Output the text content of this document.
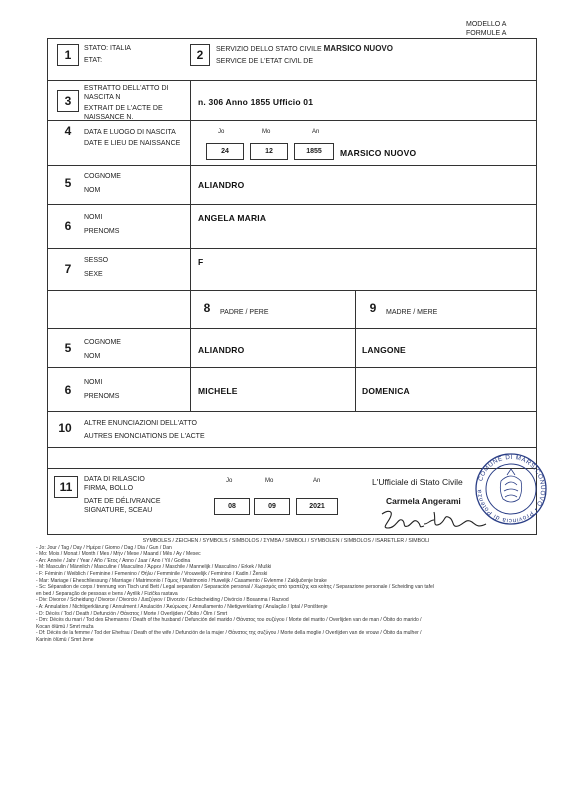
MODELLO A
FORMULE A
1	STATO: ITALIA
ETAT:	2	SERVIZIO DELLO STATO CIVILE MARSICO NUOVO
SERVICE DE L'ETAT CIVIL DE
3
ESTRATTO DELL'ATTO DI NASCITA N
EXTRAIT DE L'ACTE DE NAISSANCE N.
n. 306 Anno 1855 Ufficio 01
4	DATA E LUOGO DI NASCITA
DATE E LIEU DE NAISSANCE
Jo	Mo	An
24	12	1855	MARSICO NUOVO
5	COGNOME
NOM
ALIANDRO
6
NOMI
PRENOMS
ANGELA MARIA
7
SESSO
SEXE
F
8	PADRE / PERE	9	MADRE / MERE
5	COGNOME
NOM
ALIANDRO	LANGONE
6
NOMI
PRENOMS
MICHELE	DOMENICA
10	ALTRE ENUNCIAZIONI DELL'ATTO
AUTRES ENONCIATIONS DE L'ACTE
11
DATA DI RILASCIO
FIRMA, BOLLO
DATE DE DÉLIVRANCE
SIGNATURE, SCEAU
Jo	Mo	An
08	09	2021
L'Ufficiale di Stato Civile
Carmela Angerami
COMUNE DI MARSICONUOVO • Provincia di Potenza
SYMBOLES / ZEICHEN / SYMBOLS / SIMBOLOS / ΣΥΜΒΑ / SIMBOLI / SYMBOLEN / SIMBOLOS / ISARETLER / SIMBOLI
- Jo: Jour / Tag / Day / Ημέρα / Giorno / Dag / Dia / Gun / Dan
- Mo: Mois / Monat / Month / Mes / Μήν / Mese / Maand / Mês / Ay / Mesec
- An: Année / Jahr / Year / Año / Έτος / Anno / Jaar / Ano / Yil / Godina
- M: Masculin / Männlich / Masculine / Masculino / Άρρεν / Maschile / Mannelijk / Masculino / Erkek / Muški
- F: Féminin / Weiblich / Feminine / Femenino / Θήλυ / Femminile / Vrouwelijk / Feminino / Kadin / Ženski
- Mar: Mariage / Eheschliessung / Marriage / Matrimonio / Γάμος / Matrimonio / Huwelijk / Casamento / Evlenme / Zaključenje brake
- Sc: Séparation de corps / trennung von Tisch und Bett / Legal separation / Separación personal / Χωρισμός από τραπέζης και κοίτης / Separazione personale / Scheiding van tafel
en bed / Separação de pessoas e bens / Ayrilik / Fizička rastava
- Div: Divorce / Scheidung / Divorce / Divorcio / Διαζύγιον / Divorzio / Echtscheiding / Divórcio / Bosanma / Razvod
- A: Annulation / Nichtigerklärung / Annulment / Anulación / Άκύρωσις / Annullamento / Nietigverklaring / Anulação / Iptal / Poništenje
- D: Décès / Tod / Death / Defunción / Θάνατος / Morte / Overlijden / Óbito / Ölm / Smrt
- Dm: Décès du mari / Tod des Ehemanns / Death of the husband / Defunción del marido / Θάνατος του συζύγου / Morte del marito / Overlijden van de man / Óbito do marido /
Kocan ölümü / Smrt muža
- Df: Décès de la femme / Tod der Ehefrau / Death of the wife / Defunción de la mujer / Θάνατος της συζύγου / Morte della moglie / Overlijden van de vrouw / Óbito da mulher /
Karinin ölümü / Smrt žene
